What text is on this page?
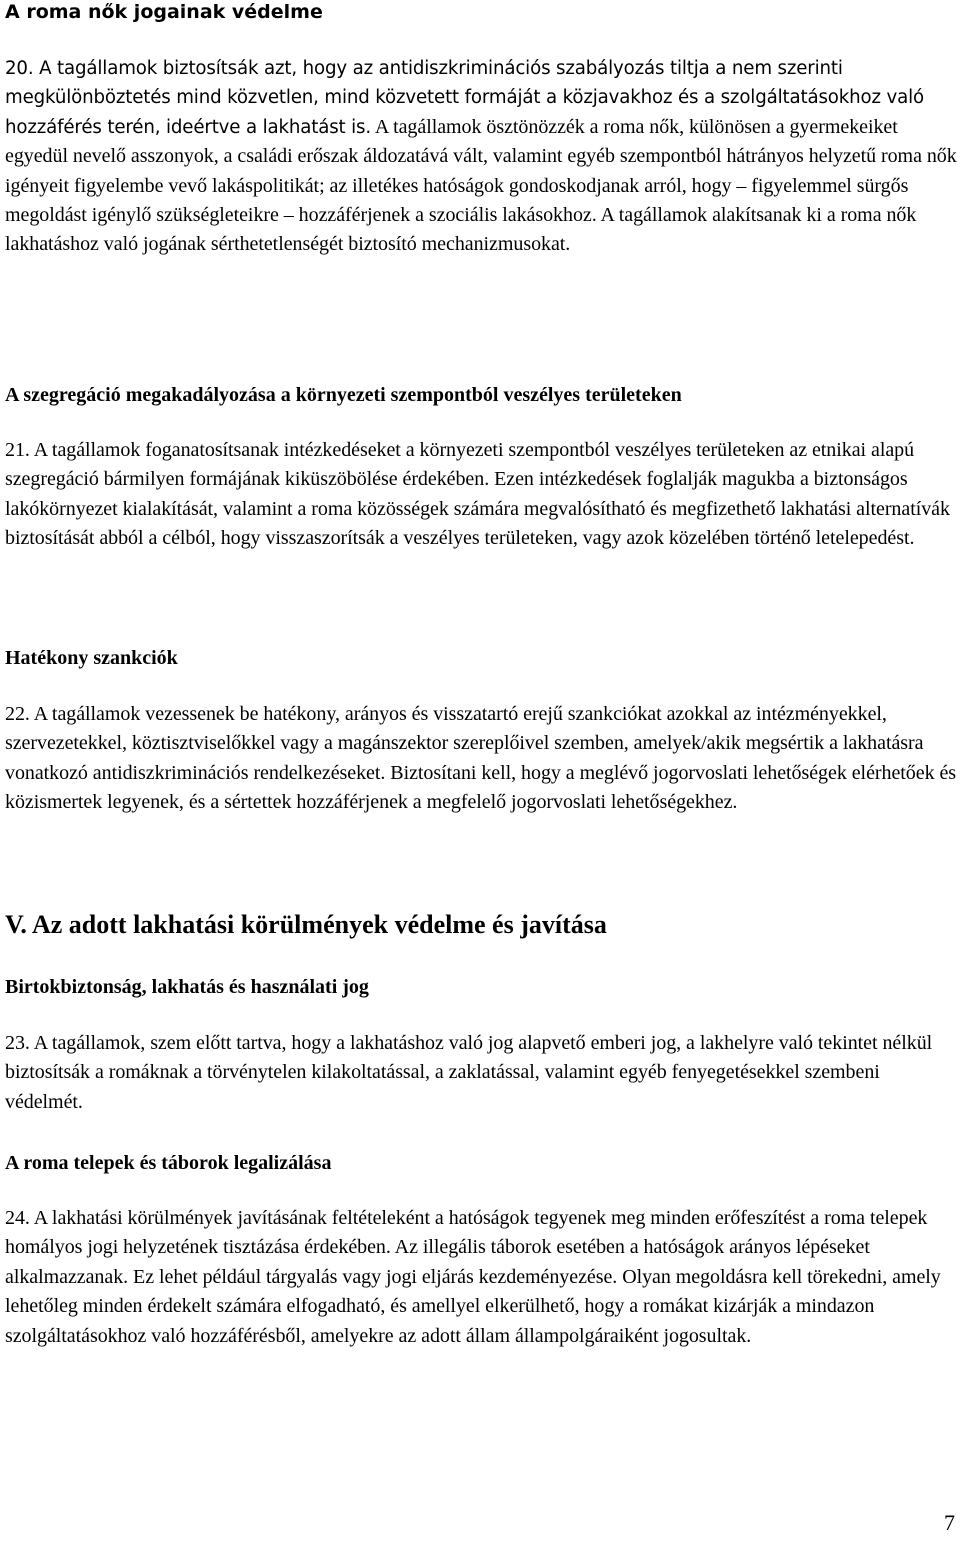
A roma nők jogainak védelme

20. A tagállamok biztosítsák azt, hogy az antidiszkriminációs szabályozás tiltja a nem szerinti megkülönböztetés mind közvetlen, mind közvetett formáját a közjavakhoz és a szolgáltatásokhoz való hozzáférés terén, ideértve a lakhatást is. A tagállamok ösztönözzék a roma nők, különösen a gyermekeiket egyedül nevelő asszonyok, a családi erőszak áldozatává vált, valamint egyéb szempontból hátrányos helyzetű roma nők igényeit figyelembe vevő lakáspolitikát; az illetékes hatóságok gondoskodjanak arról, hogy – figyelemmel sürgős megoldást igénylő szükségleteikre – hozzáférjenek a szociális lakásokhoz. A tagállamok alakítsanak ki a roma nők lakhatáshoz való jogának sérthetetlenségét biztosító mechanizmusokat.

A szegregáció megakadályozása a környezeti szempontból veszélyes területeken

21. A tagállamok foganatosítsanak intézkedéseket a környezeti szempontból veszélyes területeken az etnikai alapú szegregáció bármilyen formájának kiküszöbölése érdekében. Ezen intézkedések foglalják magukba a biztonságos lakókörnyezet kialakítását, valamint a roma közösségek számára megvalósítható és megfizethető lakhatási alternatívák biztosítását abból a célból, hogy visszaszorítsák a veszélyes területeken, vagy azok közelében történő letelepedést.

Hatékony szankciók

22. A tagállamok vezessenek be hatékony, arányos és visszatartó erejű szankciókat azokkal az intézményekkel, szervezetekkel, köztisztviselőkkel vagy a magánszektor szereplőivel szemben, amelyek/akik megsértik a lakhatásra vonatkozó antidiszkriminációs rendelkezéseket. Biztosítani kell, hogy a meglévő jogorvoslati lehetőségek elérhetőek és közismertek legyenek, és a sértettek hozzáférjenek a megfelelő jogorvoslati lehetőségekhez.

V. Az adott lakhatási körülmények védelme és javítása
Birtokbiztonság, lakhatás és használati jog

23. A tagállamok, szem előtt tartva, hogy a lakhatáshoz való jog alapvető emberi jog, a lakhelyre való tekintet nélkül biztosítsák a romáknak a törvénytelen kilakoltatással, a zaklatással, valamint egyéb fenyegetésekkel szembeni védelmét.

A roma telepek és táborok legalizálása

24. A lakhatási körülmények javításának feltételeként a hatóságok tegyenek meg minden erőfeszítést a roma telepek homályos jogi helyzetének tisztázása érdekében. Az illegális táborok esetében a hatóságok arányos lépéseket alkalmazzanak. Ez lehet például tárgyalás vagy jogi eljárás kezdeményezése. Olyan megoldásra kell törekedni, amely lehetőleg minden érdekelt számára elfogadható, és amellyel elkerülhető, hogy a romákat kizárják a mindazon szolgáltatásokhoz való hozzáférésből, amelyekre az adott állam állampolgáraiként jogosultak.

7
